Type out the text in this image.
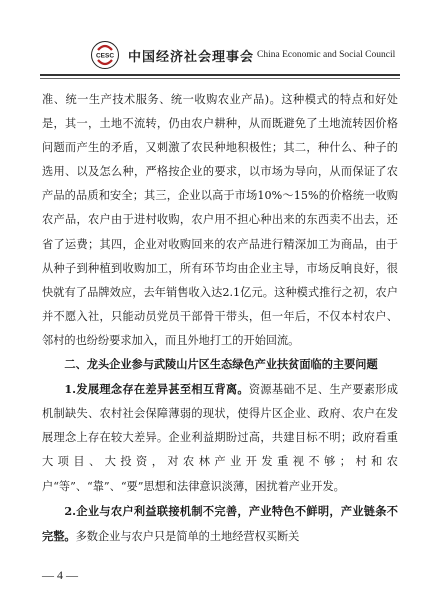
CESC 中国经济社会理事会 China Economic and Social Council

准、统一生产技术服务、统一收购农业产品)。这种模式的特点和好处是，其一，土地不流转，仍由农户耕种，从而既避免了土地流转因价格问题而产生的矛盾，又刺激了农民种地积极性；其二，种什么、种子的选用、以及怎么种，严格按企业的要求，以市场为导向，从而保证了农产品的品质和安全；其三，企业以高于市场10%～15%的价格统一收购农产品，农户由于进村收购，农户用不担心种出来的东西卖不出去，还省了运费；其四，企业对收购回来的农产品进行精深加工为商品，由于从种子到种植到收购加工，所有环节均由企业主导，市场反响良好，很快就有了品牌效应，去年销售收入达2.1亿元。这种模式推行之初，农户并不愿入社，只能动员党员干部骨干带头，但一年后，不仅本村农户、邻村的也纷纷要求加入，而且外地打工的开始回流。

二、龙头企业参与武陵山片区生态绿色产业扶贫面临的主要问题

1.发展理念存在差异甚至相互背离。资源基础不足、生产要素形成机制缺失、农村社会保障薄弱的现状，使得片区企业、政府、农户在发展理念上存在较大差异。企业利益期盼过高，共建目标不明；政府看重大项目、大投资，对农林产业开发重视不够；村和农户“等”、“靠”、“要”思想和法律意识淡薄，困扰着产业开发。

2.企业与农户利益联接机制不完善，产业特色不鲜明，产业链条不完整。多数企业与农户只是简单的土地经营权买断关

— 4 —
